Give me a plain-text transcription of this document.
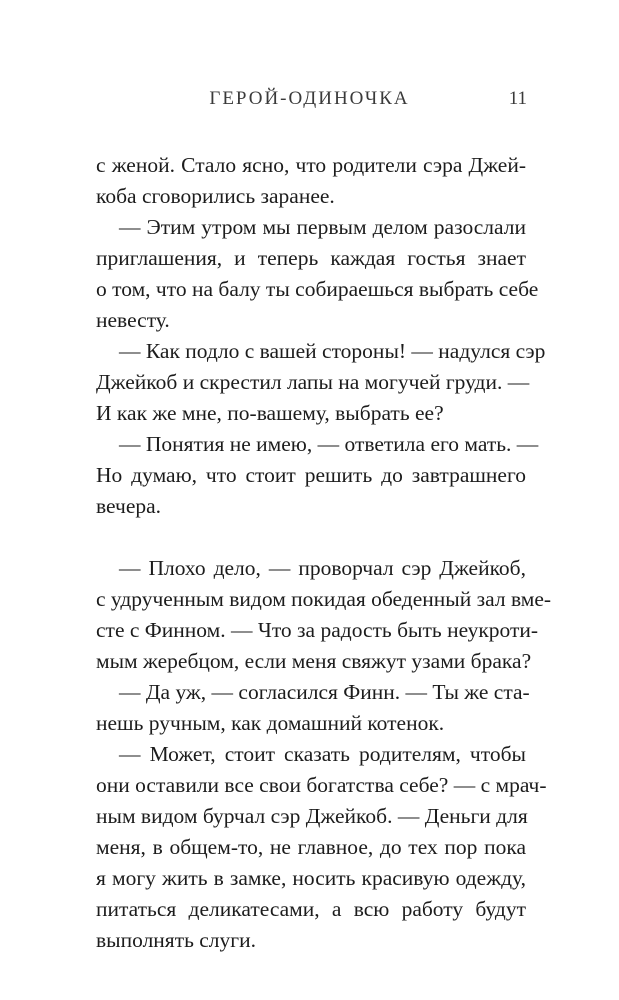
ГЕРОЙ-ОДИНОЧКА	11
с женой. Стало ясно, что родители сэра Джей-
коба сговорились заранее.
— Этим утром мы первым делом разослали
приглашения, и теперь каждая гостья знает
о том, что на балу ты собираешься выбрать себе
невесту.
— Как подло с вашей стороны! — надулся сэр
Джейкоб и скрестил лапы на могучей груди. —
И как же мне, по-вашему, выбрать ее?
— Понятия не имею, — ответила его мать. —
Но думаю, что стоит решить до завтрашнего
вечера.
— Плохо дело, — проворчал сэр Джейкоб,
с удрученным видом покидая обеденный зал вме-
сте с Финном. — Что за радость быть неукроти-
мым жеребцом, если меня свяжут узами брака?
— Да уж, — согласился Финн. — Ты же ста-
нешь ручным, как домашний котенок.
— Может, стоит сказать родителям, чтобы
они оставили все свои богатства себе? — с мрач-
ным видом бурчал сэр Джейкоб. — Деньги для
меня, в общем-то, не главное, до тех пор пока
я могу жить в замке, носить красивую одежду,
питаться деликатесами, а всю работу будут
выполнять слуги.
